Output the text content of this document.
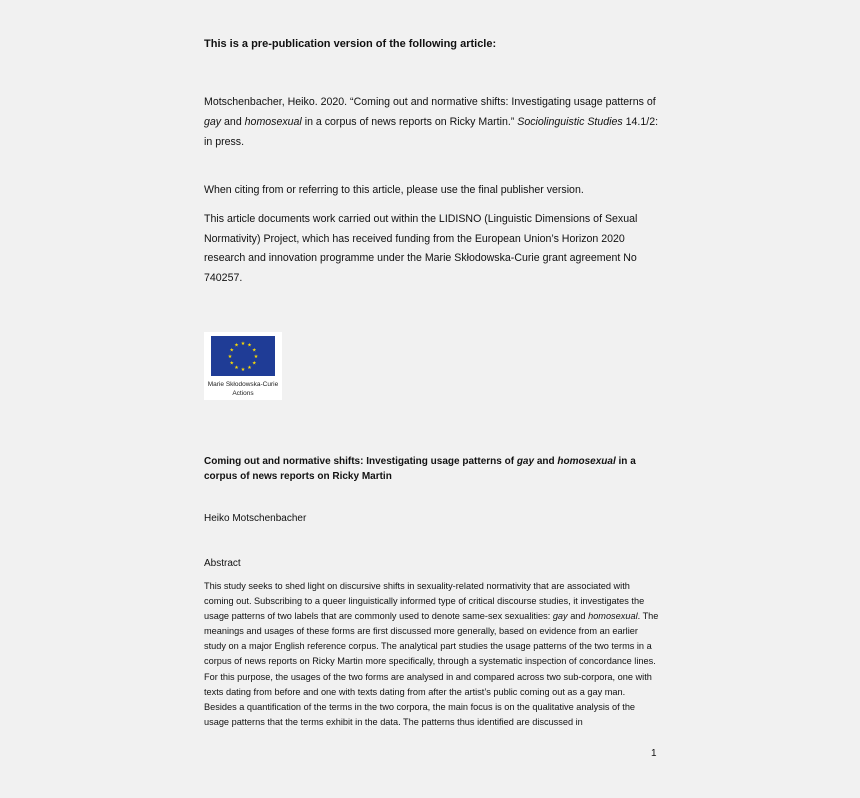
This is a pre-publication version of the following article:
Motschenbacher, Heiko. 2020. “Coming out and normative shifts: Investigating usage patterns of gay and homosexual in a corpus of news reports on Ricky Martin.” Sociolinguistic Studies 14.1/2: in press.
When citing from or referring to this article, please use the final publisher version.
This article documents work carried out within the LIDISNO (Linguistic Dimensions of Sexual Normativity) Project, which has received funding from the European Union’s Horizon 2020 research and innovation programme under the Marie Skłodowska-Curie grant agreement No 740257.
★ ★
★
★
★
★
★
★
★
★
★
★
Marie Skłodowska-Curie
Actions
Coming out and normative shifts: Investigating usage patterns of gay and homosexual in a corpus of news reports on Ricky Martin
Heiko Motschenbacher
Abstract
This study seeks to shed light on discursive shifts in sexuality-related normativity that are associated with coming out. Subscribing to a queer linguistically informed type of critical discourse studies, it investigates the usage patterns of two labels that are commonly used to denote same-sex sexualities: gay and homosexual. The meanings and usages of these forms are first discussed more generally, based on evidence from an earlier study on a major English reference corpus. The analytical part studies the usage patterns of the two terms in a corpus of news reports on Ricky Martin more specifically, through a systematic inspection of concordance lines. For this purpose, the usages of the two forms are analysed in and compared across two sub-corpora, one with texts dating from before and one with texts dating from after the artist’s public coming out as a gay man. Besides a quantification of the terms in the two corpora, the main focus is on the qualitative analysis of the usage patterns that the terms exhibit in the data. The patterns thus identified are discussed in
1
